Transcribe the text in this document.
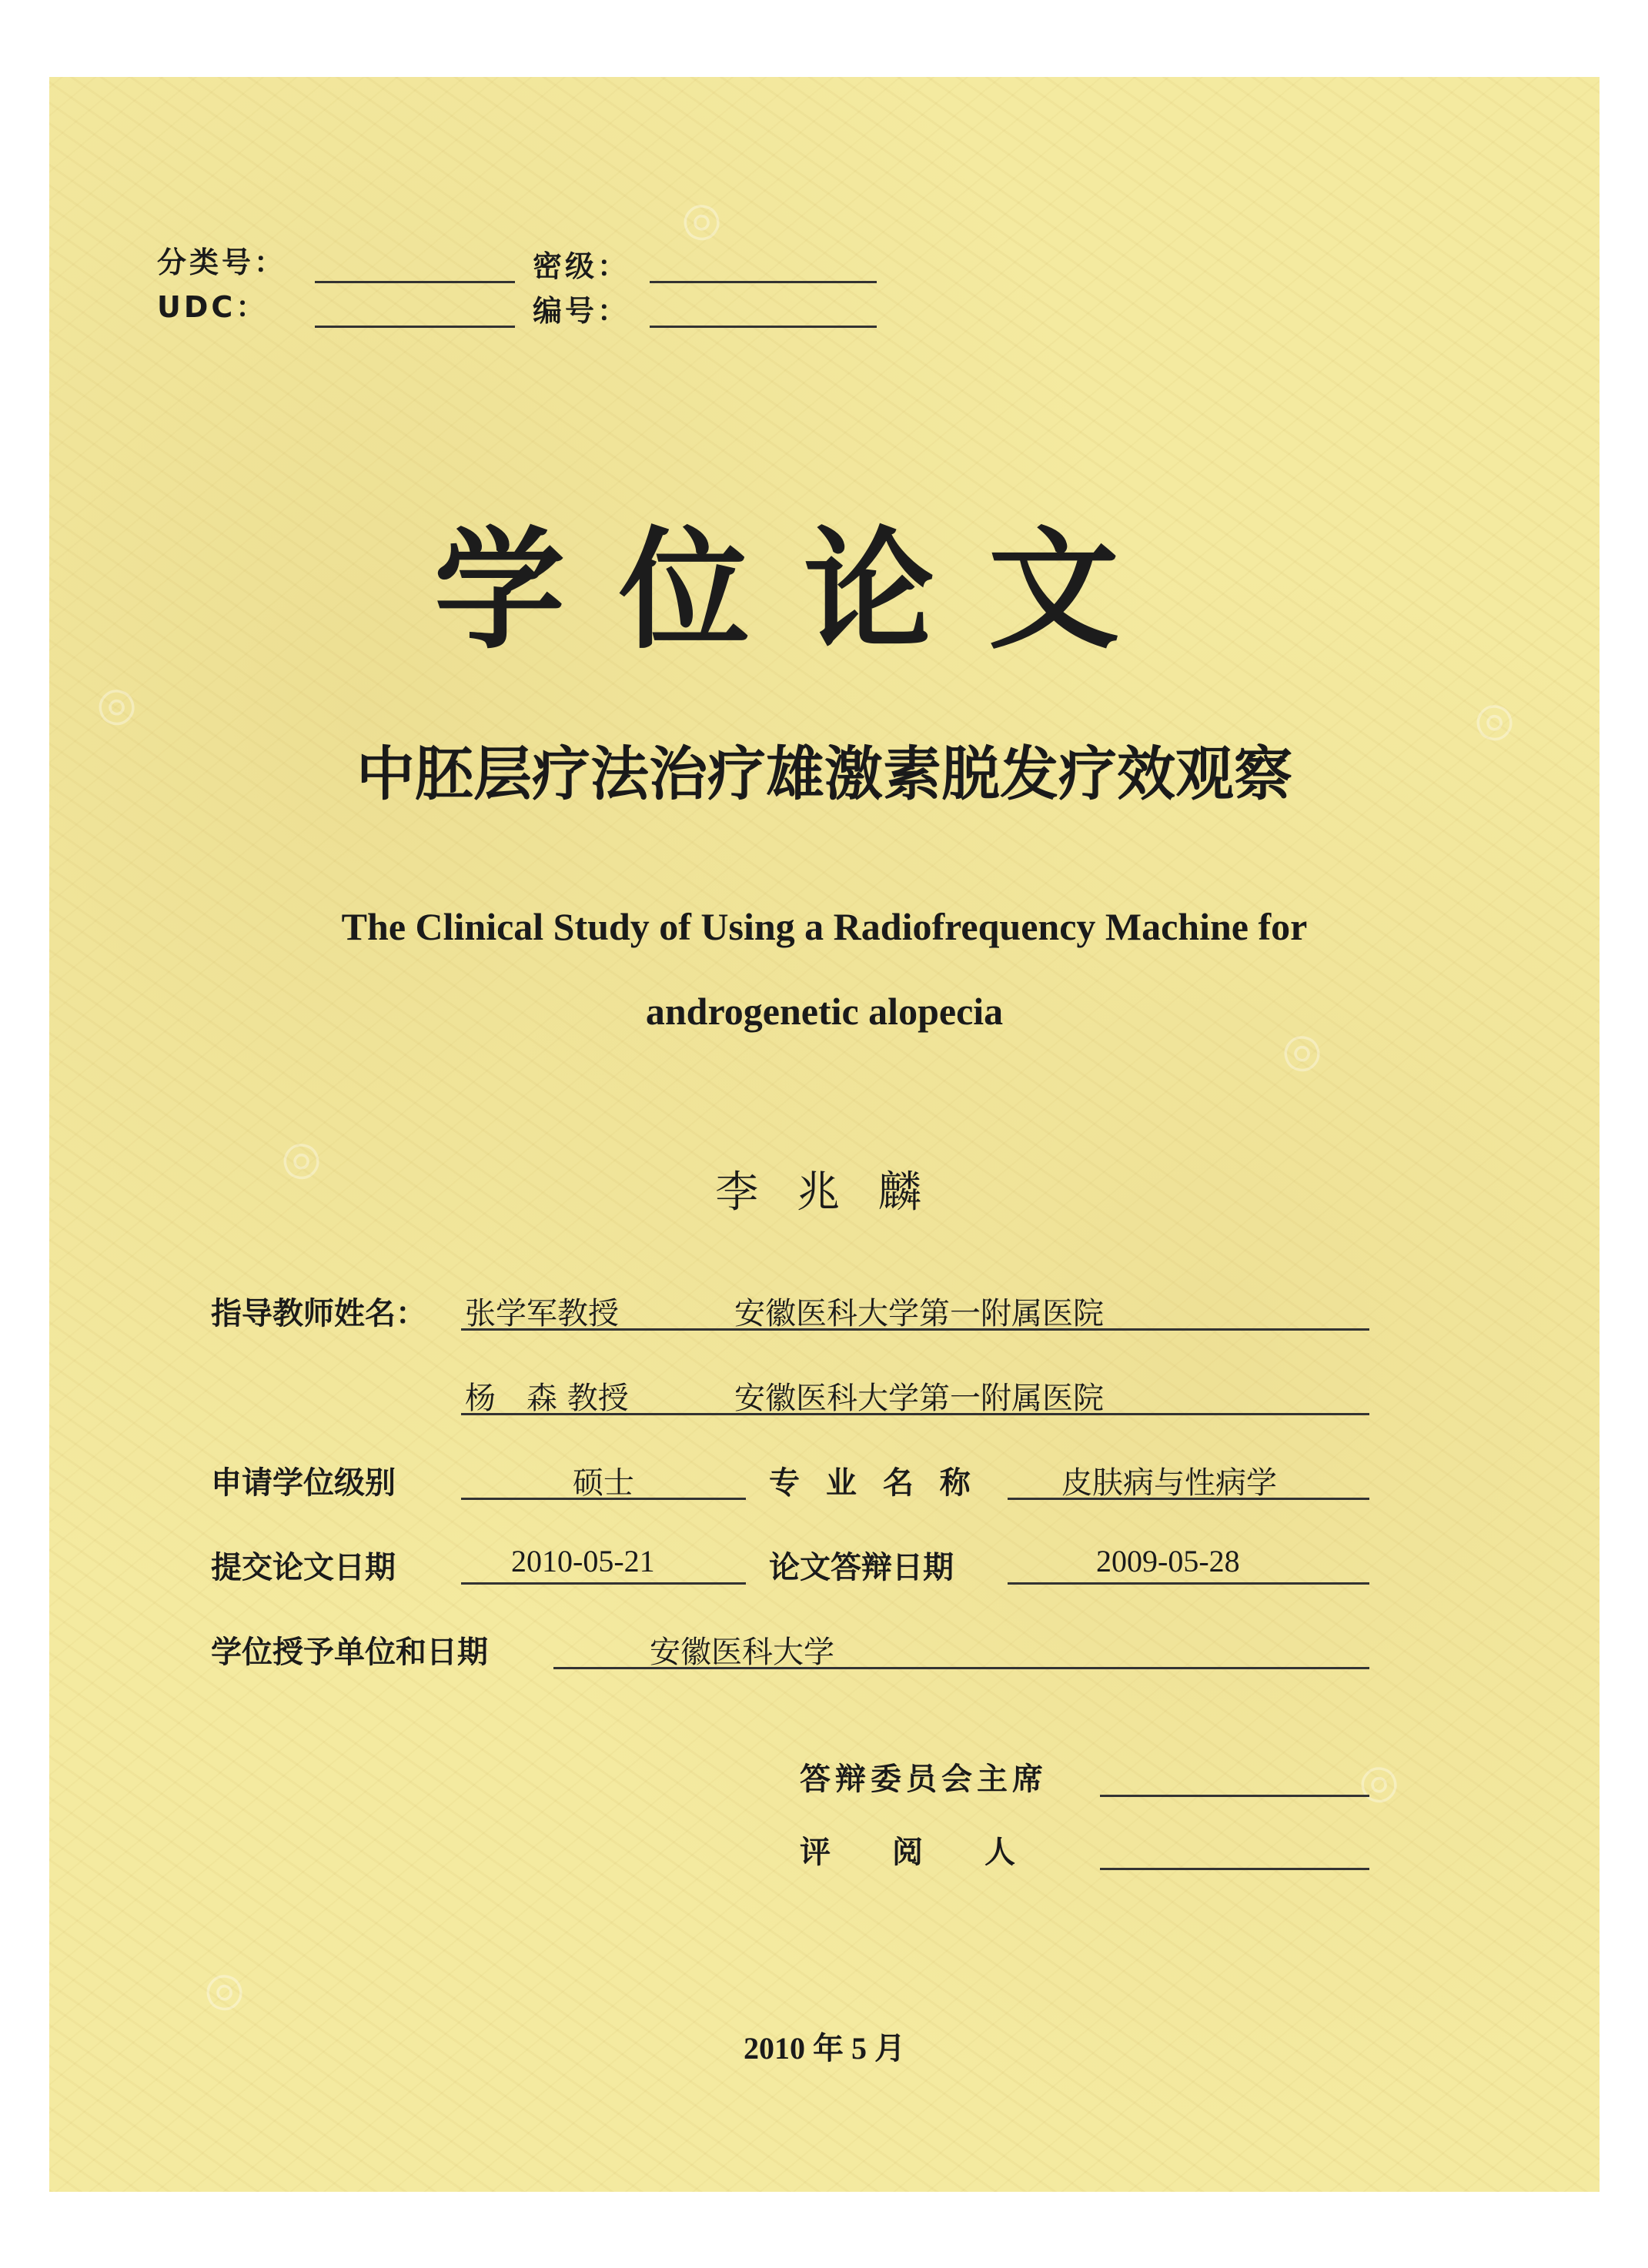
◎
◎	◎
◎
◎
◎
◎
分类号：
UDC：
密级：
编号：
学位论文
中胚层疗法治疗雄激素脱发疗效观察
The Clinical Study of Using a Radiofrequency Machine for
androgenetic alopecia
李 兆 麟
指导教师姓名： 张学军教授	安徽医科大学第一附属医院
杨　森 教授	安徽医科大学第一附属医院
申请学位级别	硕士	专 业 名 称	皮肤病与性病学
提交论文日期	2010-05-21	论文答辩日期	2009-05-28
学位授予单位和日期	安徽医科大学
答辩委员会主席
评　　阅　　人
2010 年 5 月
